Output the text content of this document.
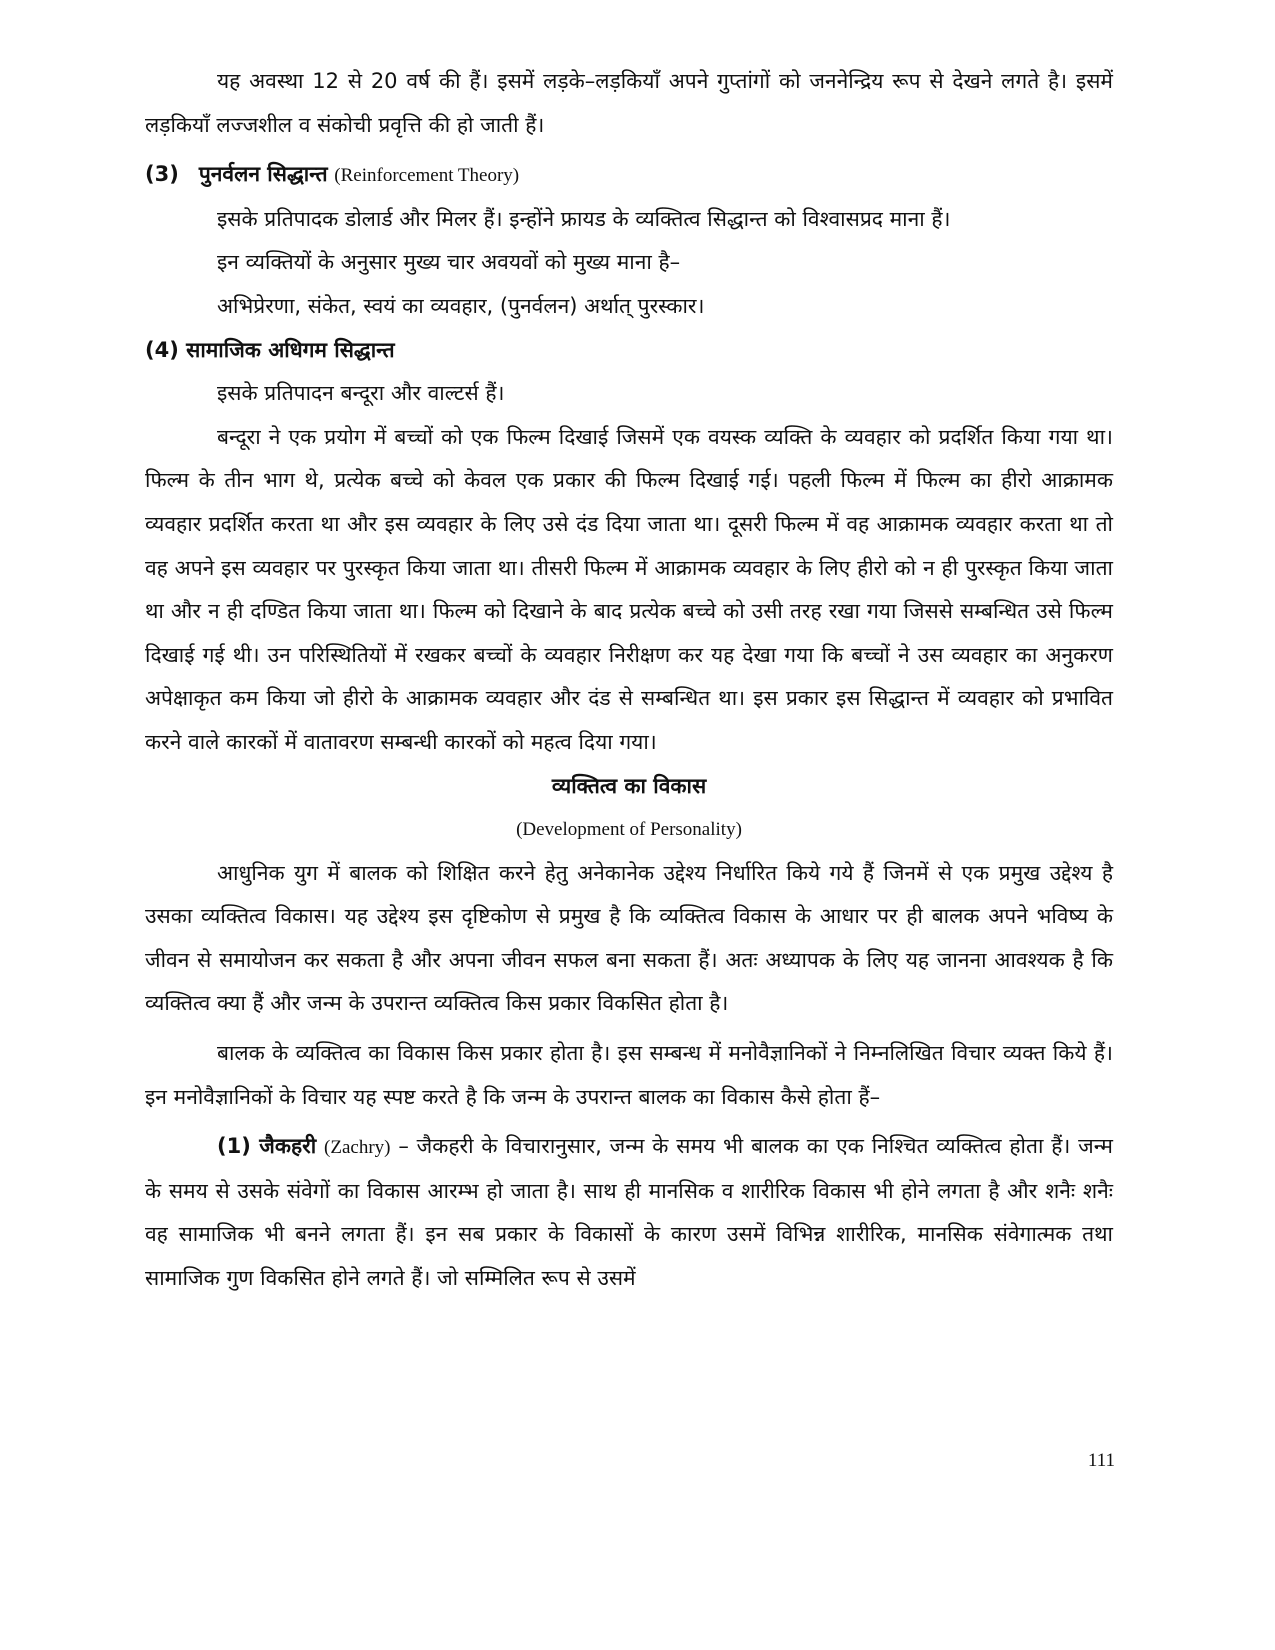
यह अवस्था 12 से 20 वर्ष की हैं। इसमें लड़के–लड़कियाँ अपने गुप्तांगों को जननेन्द्रिय रूप से देखने लगते है। इसमें लड़कियाँ लज्जशील व संकोची प्रवृत्ति की हो जाती हैं।

(3) पुनर्वलन सिद्धान्त (Reinforcement Theory)

इसके प्रतिपादक डोलार्ड और मिलर हैं। इन्होंने फ्रायड के व्यक्तित्व सिद्धान्त को विश्वासप्रद माना हैं।

इन व्यक्तियों के अनुसार मुख्य चार अवयवों को मुख्य माना है–

अभिप्रेरणा, संकेत, स्वयं का व्यवहार, (पुनर्वलन) अर्थात् पुरस्कार।

(4) सामाजिक अधिगम सिद्धान्त

इसके प्रतिपादन बन्दूरा और वाल्टर्स हैं।

बन्दूरा ने एक प्रयोग में बच्चों को एक फिल्म दिखाई जिसमें एक वयस्क व्यक्ति के व्यवहार को प्रदर्शित किया गया था। फिल्म के तीन भाग थे, प्रत्येक बच्चे को केवल एक प्रकार की फिल्म दिखाई गई। पहली फिल्म में फिल्म का हीरो आक्रामक व्यवहार प्रदर्शित करता था और इस व्यवहार के लिए उसे दंड दिया जाता था। दूसरी फिल्म में वह आक्रामक व्यवहार करता था तो वह अपने इस व्यवहार पर पुरस्कृत किया जाता था। तीसरी फिल्म में आक्रामक व्यवहार के लिए हीरो को न ही पुरस्कृत किया जाता था और न ही दण्डित किया जाता था। फिल्म को दिखाने के बाद प्रत्येक बच्चे को उसी तरह रखा गया जिससे सम्बन्धित उसे फिल्म दिखाई गई थी। उन परिस्थितियों में रखकर बच्चों के व्यवहार निरीक्षण कर यह देखा गया कि बच्चों ने उस व्यवहार का अनुकरण अपेक्षाकृत कम किया जो हीरो के आक्रामक व्यवहार और दंड से सम्बन्धित था। इस प्रकार इस सिद्धान्त में व्यवहार को प्रभावित करने वाले कारकों में वातावरण सम्बन्धी कारकों को महत्व दिया गया।

व्यक्तित्व का विकास

(Development of Personality)

आधुनिक युग में बालक को शिक्षित करने हेतु अनेकानेक उद्देश्य निर्धारित किये गये हैं जिनमें से एक प्रमुख उद्देश्य है उसका व्यक्तित्व विकास। यह उद्देश्य इस दृष्टिकोण से प्रमुख है कि व्यक्तित्व विकास के आधार पर ही बालक अपने भविष्य के जीवन से समायोजन कर सकता है और अपना जीवन सफल बना सकता हैं। अतः अध्यापक के लिए यह जानना आवश्यक है कि व्यक्तित्व क्या हैं और जन्म के उपरान्त व्यक्तित्व किस प्रकार विकसित होता है।

बालक के व्यक्तित्व का विकास किस प्रकार होता है। इस सम्बन्ध में मनोवैज्ञानिकों ने निम्नलिखित विचार व्यक्त किये हैं। इन मनोवैज्ञानिकों के विचार यह स्पष्ट करते है कि जन्म के उपरान्त बालक का विकास कैसे होता हैं–

(1) जैकहरी (Zachry) – जैकहरी के विचारानुसार, जन्म के समय भी बालक का एक निश्चित व्यक्तित्व होता हैं। जन्म के समय से उसके संवेगों का विकास आरम्भ हो जाता है। साथ ही मानसिक व शारीरिक विकास भी होने लगता है और शनैः शनैः वह सामाजिक भी बनने लगता हैं। इन सब प्रकार के विकासों के कारण उसमें विभिन्न शारीरिक, मानसिक संवेगात्मक तथा सामाजिक गुण विकसित होने लगते हैं। जो सम्मिलित रूप से उसमें

111
